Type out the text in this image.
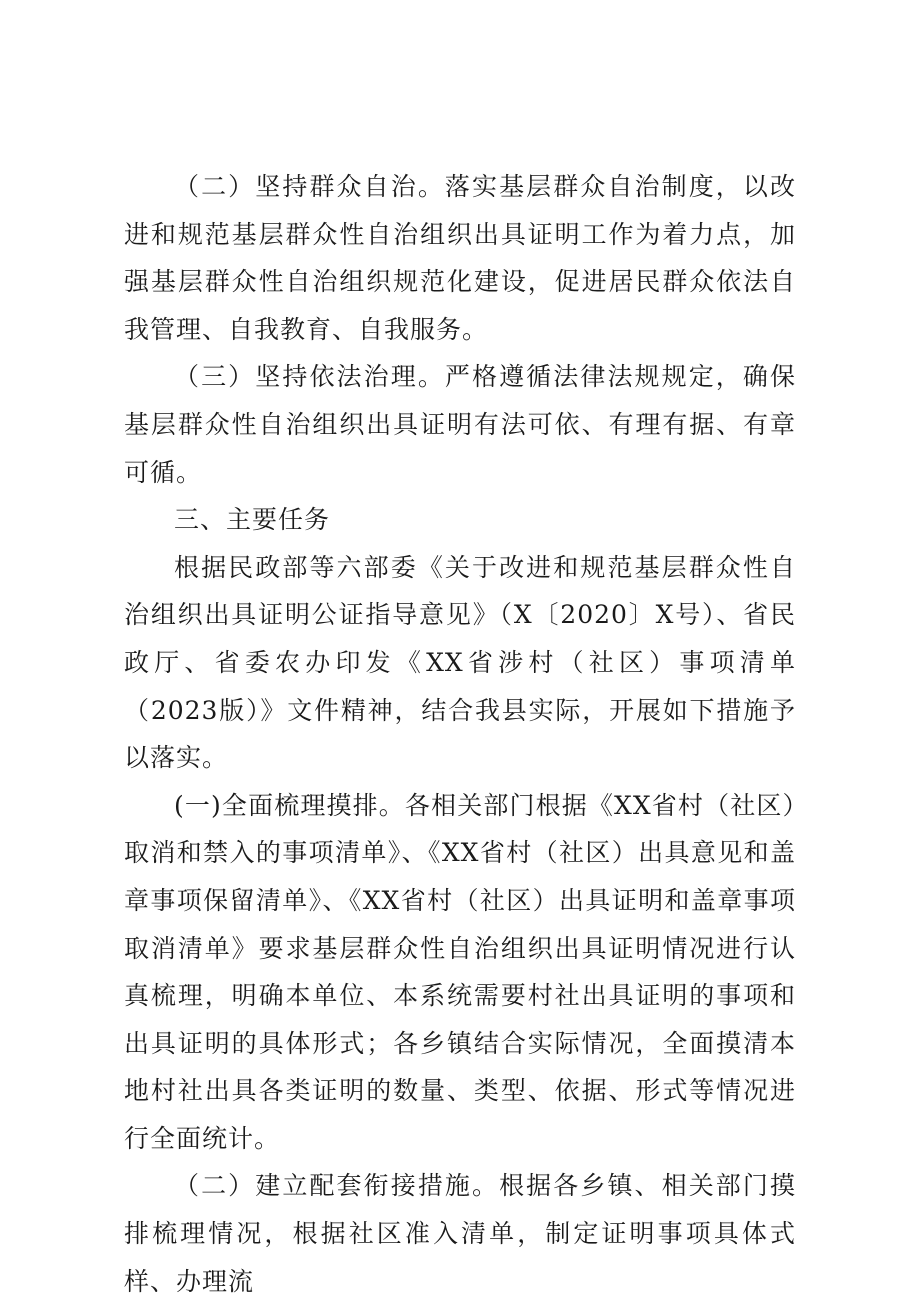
（二）坚持群众自治。落实基层群众自治制度，以改进和规范基层群众性自治组织出具证明工作为着力点，加强基层群众性自治组织规范化建设，促进居民群众依法自我管理、自我教育、自我服务。

（三）坚持依法治理。严格遵循法律法规规定，确保基层群众性自治组织出具证明有法可依、有理有据、有章可循。

三、主要任务

根据民政部等六部委《关于改进和规范基层群众性自治组织出具证明公证指导意见》（X〔2020〕X号）、省民政厅、省委农办印发《XX省涉村（社区）事项清单（2023版）》文件精神，结合我县实际，开展如下措施予以落实。

(一)全面梳理摸排。各相关部门根据《XX省村（社区）取消和禁入的事项清单》、《XX省村（社区）出具意见和盖章事项保留清单》、《XX省村（社区）出具证明和盖章事项取消清单》要求基层群众性自治组织出具证明情况进行认真梳理，明确本单位、本系统需要村社出具证明的事项和出具证明的具体形式；各乡镇结合实际情况，全面摸清本地村社出具各类证明的数量、类型、依据、形式等情况进行全面统计。

（二）建立配套衔接措施。根据各乡镇、相关部门摸排梳理情况，根据社区准入清单，制定证明事项具体式样、办理流
